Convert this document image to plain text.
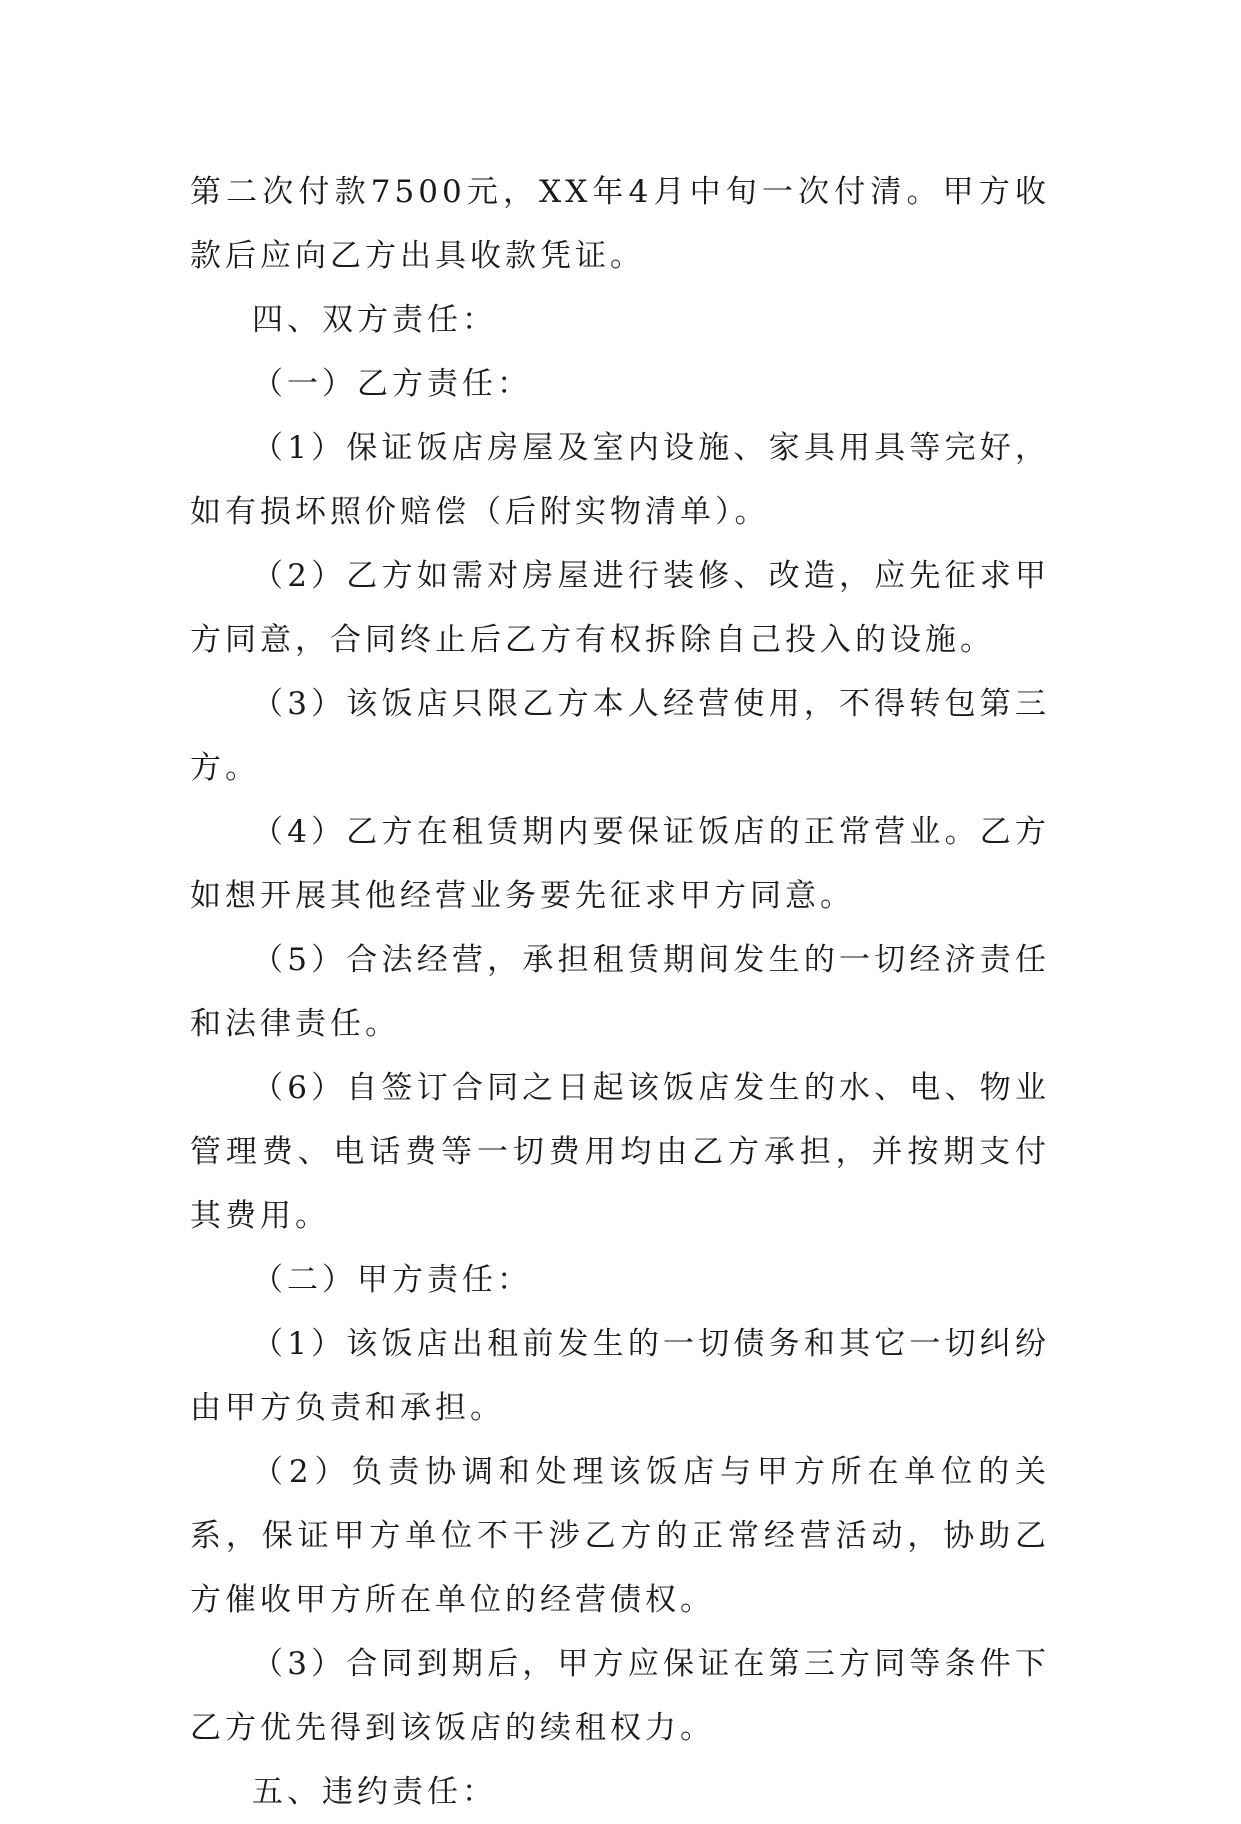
第二次付款7500元，XX年4月中旬一次付清。甲方收款后应向乙方出具收款凭证。

四、双方责任：

（一）乙方责任：

（1）保证饭店房屋及室内设施、家具用具等完好，如有损坏照价赔偿（后附实物清单）。

（2）乙方如需对房屋进行装修、改造，应先征求甲方同意，合同终止后乙方有权拆除自己投入的设施。

（3）该饭店只限乙方本人经营使用，不得转包第三方。

（4）乙方在租赁期内要保证饭店的正常营业。乙方如想开展其他经营业务要先征求甲方同意。

（5）合法经营，承担租赁期间发生的一切经济责任和法律责任。

（6）自签订合同之日起该饭店发生的水、电、物业管理费、电话费等一切费用均由乙方承担，并按期支付其费用。

（二）甲方责任：

（1）该饭店出租前发生的一切债务和其它一切纠纷由甲方负责和承担。

（2）负责协调和处理该饭店与甲方所在单位的关系，保证甲方单位不干涉乙方的正常经营活动，协助乙方催收甲方所在单位的经营债权。

（3）合同到期后，甲方应保证在第三方同等条件下乙方优先得到该饭店的续租权力。

五、违约责任：
